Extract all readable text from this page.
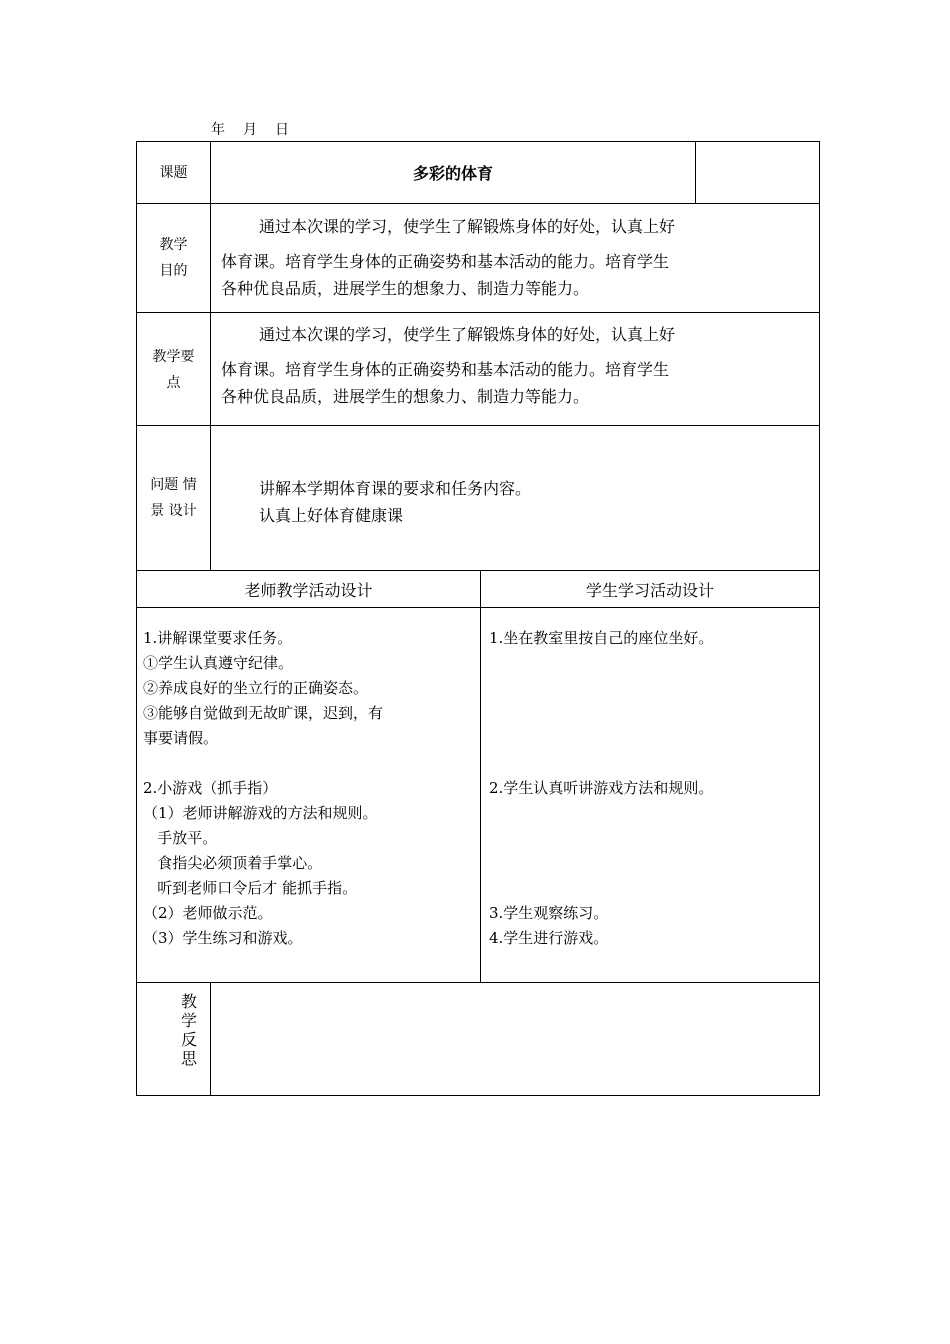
年 月 日
课题	多彩的体育
教学
目的
通过本次课的学习，使学生了解锻炼身体的好处，认真上好
体育课。培育学生身体的正确姿势和基本活动的能力。培育学生
各种优良品质，进展学生的想象力、制造力等能力。
教学要
点
通过本次课的学习，使学生了解锻炼身体的好处，认真上好
体育课。培育学生身体的正确姿势和基本活动的能力。培育学生
各种优良品质，进展学生的想象力、制造力等能力。
问题 情
景 设计
讲解本学期体育课的要求和任务内容。
认真上好体育健康课
老师教学活动设计	学生学习活动设计
1.讲解课堂要求任务。
①学生认真遵守纪律。
②养成良好的坐立行的正确姿态。
③能够自觉做到无故旷课，迟到，有
事要请假。
2.小游戏（抓手指）
（1）老师讲解游戏的方法和规则。
手放平。
食指尖必须顶着手掌心。
听到老师口令后才 能抓手指。
（2）老师做示范。
（3）学生练习和游戏。
1.坐在教室里按自己的座位坐好。
2.学生认真听讲游戏方法和规则。
3.学生观察练习。
4.学生进行游戏。
教
学
反
思
